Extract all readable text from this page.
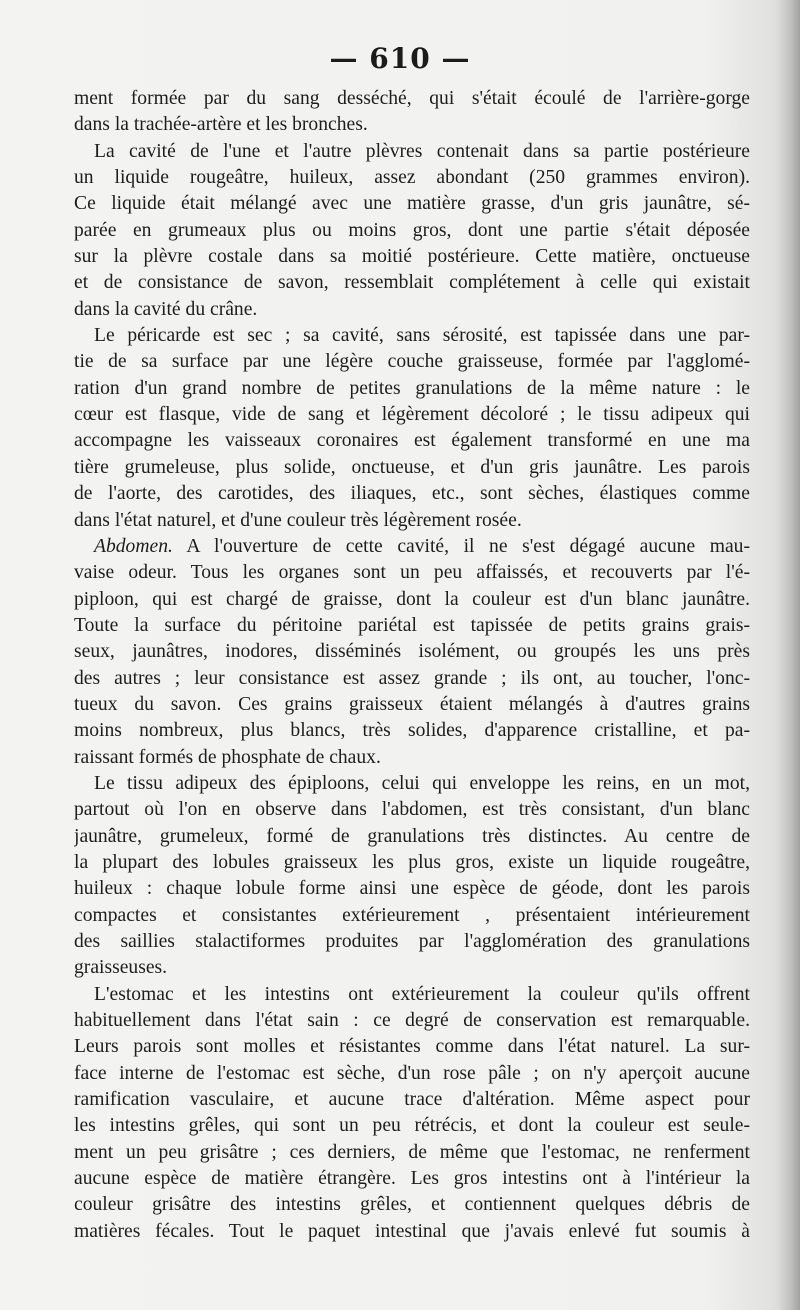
— 610 —
ment formée par du sang desséché, qui s'était écoulé de l'arrière-gorge
dans la trachée-artère et les bronches.
La cavité de l'une et l'autre plèvres contenait dans sa partie postérieure
un liquide rougeâtre, huileux, assez abondant (250 grammes environ).
Ce liquide était mélangé avec une matière grasse, d'un gris jaunâtre, sé-
parée en grumeaux plus ou moins gros, dont une partie s'était déposée
sur la plèvre costale dans sa moitié postérieure. Cette matière, onctueuse
et de consistance de savon, ressemblait complétement à celle qui existait
dans la cavité du crâne.
Le péricarde est sec ; sa cavité, sans sérosité, est tapissée dans une par-
tie de sa surface par une légère couche graisseuse, formée par l'agglomé-
ration d'un grand nombre de petites granulations de la même nature : le
cœur est flasque, vide de sang et légèrement décoloré ; le tissu adipeux qui
accompagne les vaisseaux coronaires est également transformé en une ma
tière grumeleuse, plus solide, onctueuse, et d'un gris jaunâtre. Les parois
de l'aorte, des carotides, des iliaques, etc., sont sèches, élastiques comme
dans l'état naturel, et d'une couleur très légèrement rosée.
Abdomen. A l'ouverture de cette cavité, il ne s'est dégagé aucune mau-
vaise odeur. Tous les organes sont un peu affaissés, et recouverts par l'é-
piploon, qui est chargé de graisse, dont la couleur est d'un blanc jaunâtre.
Toute la surface du péritoine pariétal est tapissée de petits grains grais-
seux, jaunâtres, inodores, disséminés isolément, ou groupés les uns près
des autres ; leur consistance est assez grande ; ils ont, au toucher, l'onc-
tueux du savon. Ces grains graisseux étaient mélangés à d'autres grains
moins nombreux, plus blancs, très solides, d'apparence cristalline, et pa-
raissant formés de phosphate de chaux.
Le tissu adipeux des épiploons, celui qui enveloppe les reins, en un mot,
partout où l'on en observe dans l'abdomen, est très consistant, d'un blanc
jaunâtre, grumeleux, formé de granulations très distinctes. Au centre de
la plupart des lobules graisseux les plus gros, existe un liquide rougeâtre,
huileux : chaque lobule forme ainsi une espèce de géode, dont les parois
compactes et consistantes extérieurement , présentaient intérieurement
des saillies stalactiformes produites par l'agglomération des granulations
graisseuses.
L'estomac et les intestins ont extérieurement la couleur qu'ils offrent
habituellement dans l'état sain : ce degré de conservation est remarquable.
Leurs parois sont molles et résistantes comme dans l'état naturel. La sur-
face interne de l'estomac est sèche, d'un rose pâle ; on n'y aperçoit aucune
ramification vasculaire, et aucune trace d'altération. Même aspect pour
les intestins grêles, qui sont un peu rétrécis, et dont la couleur est seule-
ment un peu grisâtre ; ces derniers, de même que l'estomac, ne renferment
aucune espèce de matière étrangère. Les gros intestins ont à l'intérieur la
couleur grisâtre des intestins grêles, et contiennent quelques débris de
matières fécales. Tout le paquet intestinal que j'avais enlevé fut soumis à
